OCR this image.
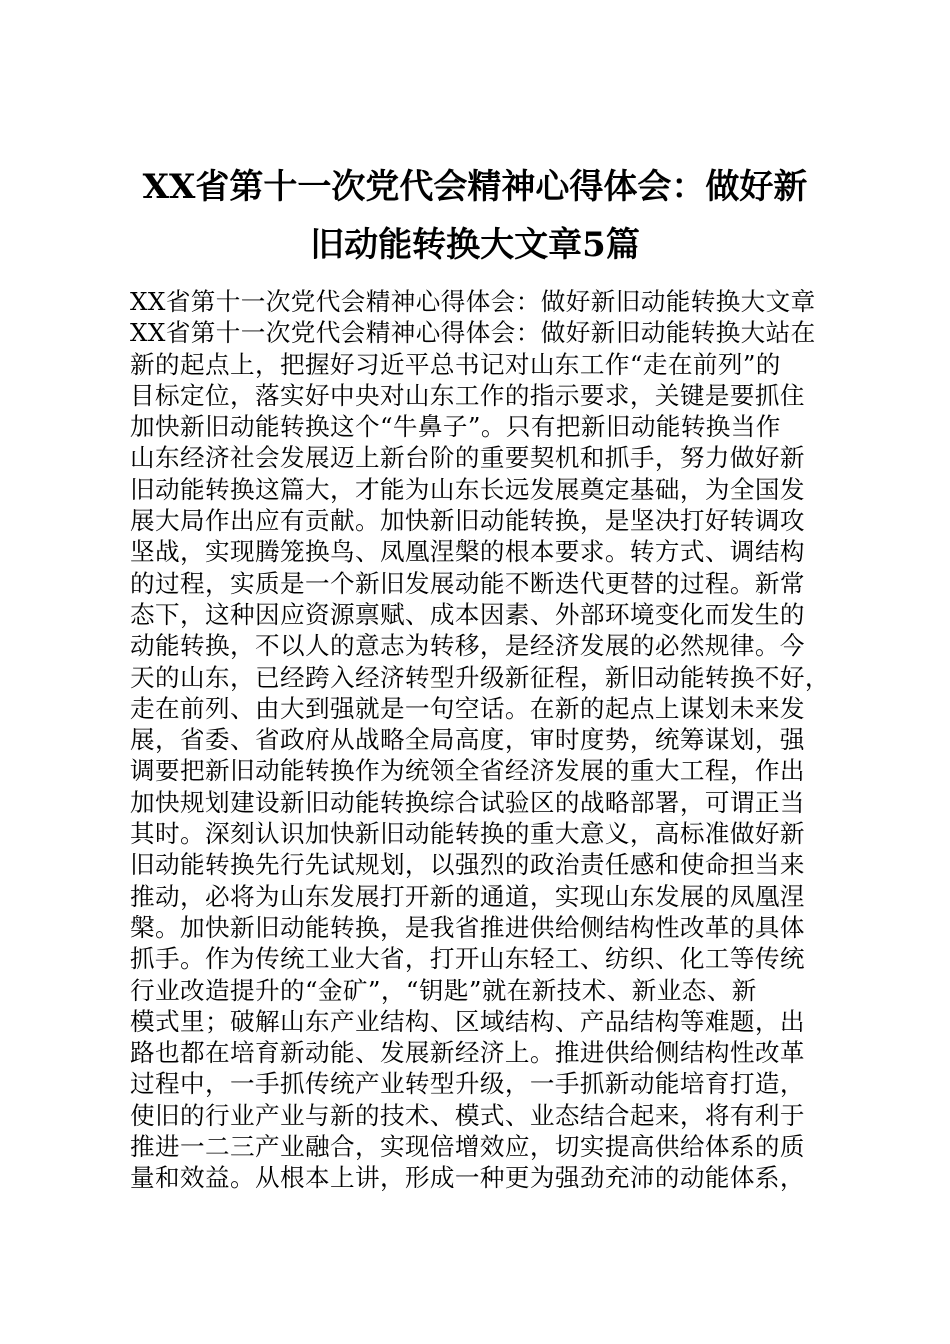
XX省第十一次党代会精神心得体会：做好新
旧动能转换大文章5篇
XX省第十一次党代会精神心得体会：做好新旧动能转换大文章
XX省第十一次党代会精神心得体会：做好新旧动能转换大站在
新的起点上，把握好习近平总书记对山东工作“走在前列”的
目标定位，落实好中央对山东工作的指示要求，关键是要抓住
加快新旧动能转换这个“牛鼻子”。只有把新旧动能转换当作
山东经济社会发展迈上新台阶的重要契机和抓手，努力做好新
旧动能转换这篇大，才能为山东长远发展奠定基础，为全国发
展大局作出应有贡献。加快新旧动能转换，是坚决打好转调攻
坚战，实现腾笼换鸟、凤凰涅槃的根本要求。转方式、调结构
的过程，实质是一个新旧发展动能不断迭代更替的过程。新常
态下，这种因应资源禀赋、成本因素、外部环境变化而发生的
动能转换，不以人的意志为转移，是经济发展的必然规律。今
天的山东，已经跨入经济转型升级新征程，新旧动能转换不好，
走在前列、由大到强就是一句空话。在新的起点上谋划未来发
展，省委、省政府从战略全局高度，审时度势，统筹谋划，强
调要把新旧动能转换作为统领全省经济发展的重大工程，作出
加快规划建设新旧动能转换综合试验区的战略部署，可谓正当
其时。深刻认识加快新旧动能转换的重大意义，高标准做好新
旧动能转换先行先试规划，以强烈的政治责任感和使命担当来
推动，必将为山东发展打开新的通道，实现山东发展的凤凰涅
槃。加快新旧动能转换，是我省推进供给侧结构性改革的具体
抓手。作为传统工业大省，打开山东轻工、纺织、化工等传统
行业改造提升的“金矿”，“钥匙”就在新技术、新业态、新
模式里；破解山东产业结构、区域结构、产品结构等难题，出
路也都在培育新动能、发展新经济上。推进供给侧结构性改革
过程中，一手抓传统产业转型升级，一手抓新动能培育打造，
使旧的行业产业与新的技术、模式、业态结合起来，将有利于
推进一二三产业融合，实现倍增效应，切实提高供给体系的质
量和效益。从根本上讲，形成一种更为强劲充沛的动能体系，
